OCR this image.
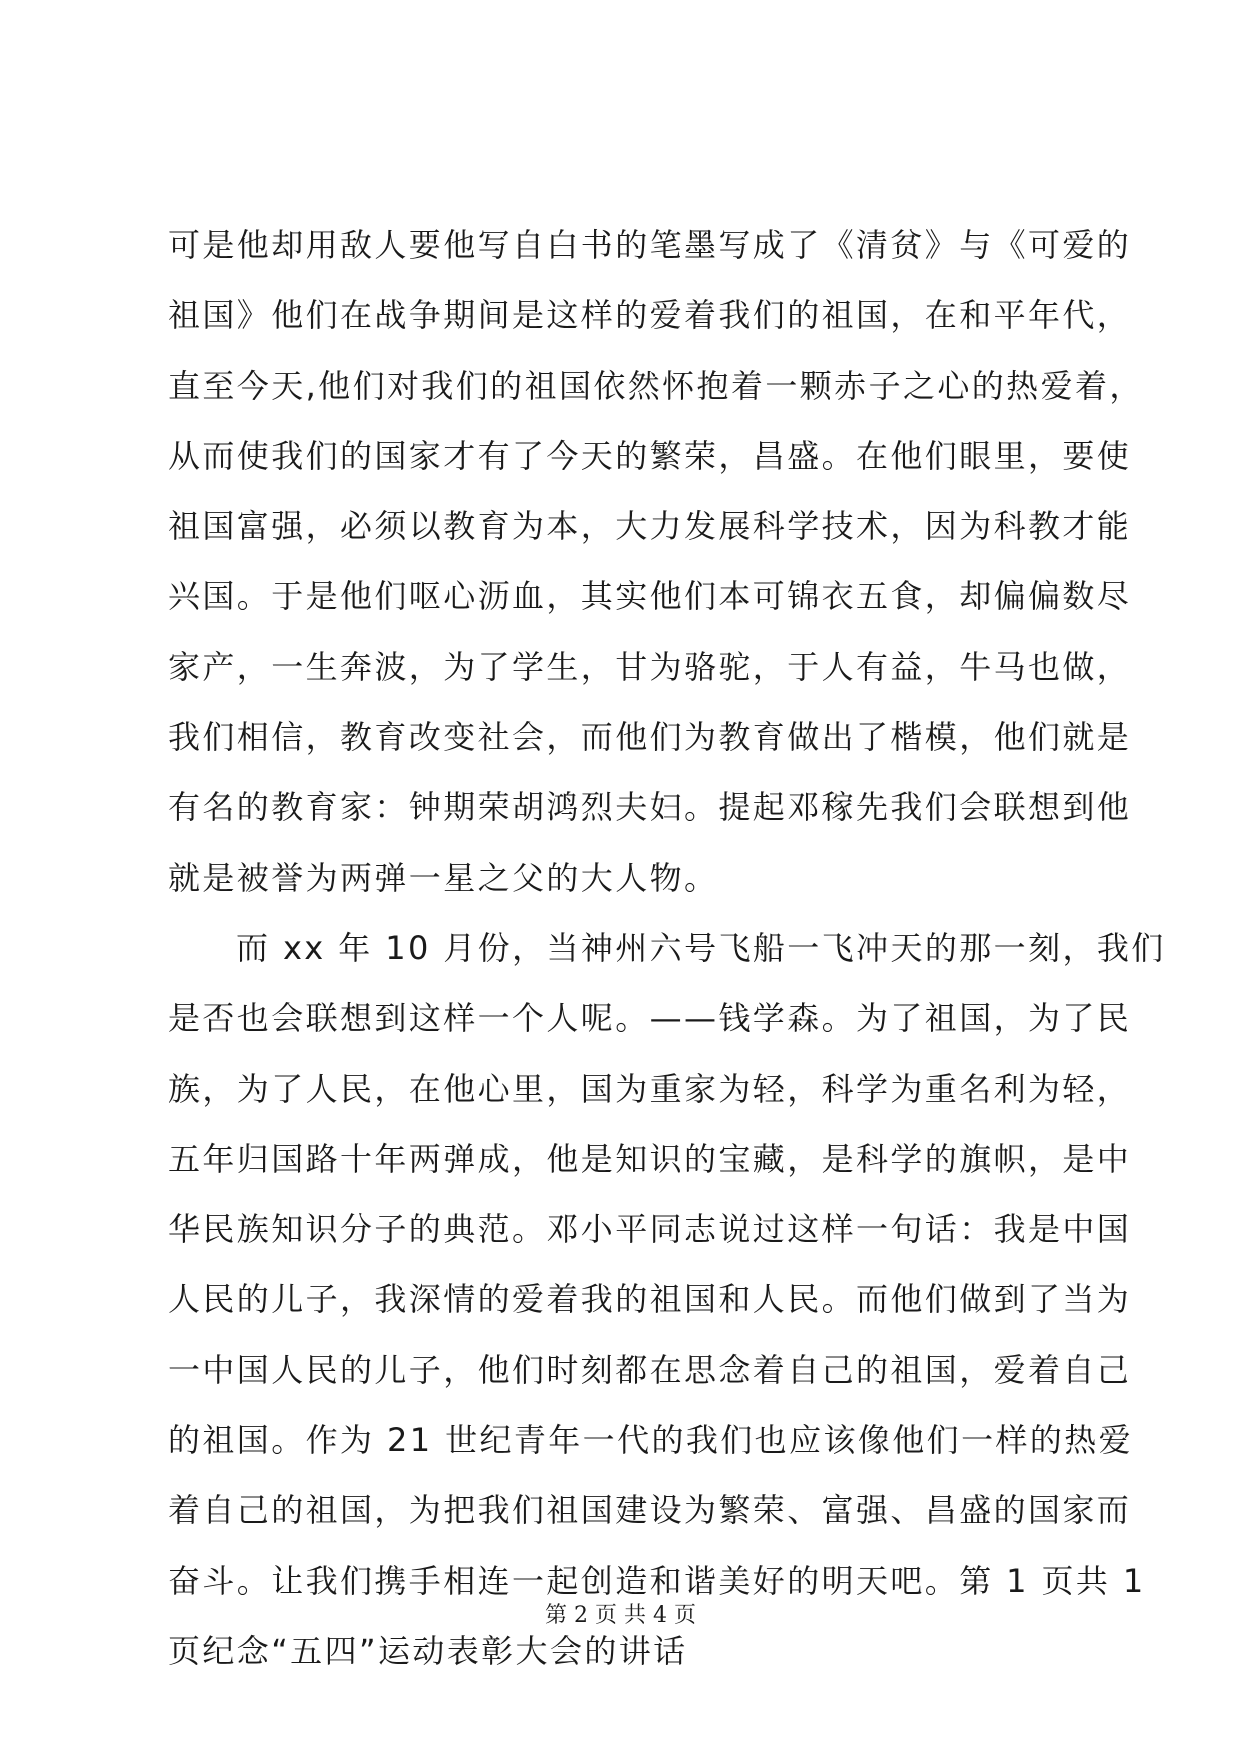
可是他却用敌人要他写自白书的笔墨写成了《清贫》与《可爱的
祖国》他们在战争期间是这样的爱着我们的祖国，在和平年代，
直至今天,他们对我们的祖国依然怀抱着一颗赤子之心的热爱着，
从而使我们的国家才有了今天的繁荣，昌盛。在他们眼里，要使
祖国富强，必须以教育为本，大力发展科学技术，因为科教才能
兴国。于是他们呕心沥血，其实他们本可锦衣五食，却偏偏数尽
家产，一生奔波，为了学生，甘为骆驼，于人有益，牛马也做，
我们相信，教育改变社会，而他们为教育做出了楷模，他们就是
有名的教育家：钟期荣胡鸿烈夫妇。提起邓稼先我们会联想到他
就是被誉为两弹一星之父的大人物。
而 xx 年 10 月份，当神州六号飞船一飞冲天的那一刻，我们
是否也会联想到这样一个人呢。——钱学森。为了祖国，为了民
族，为了人民，在他心里，国为重家为轻，科学为重名利为轻，
五年归国路十年两弹成，他是知识的宝藏，是科学的旗帜，是中
华民族知识分子的典范。邓小平同志说过这样一句话：我是中国
人民的儿子，我深情的爱着我的祖国和人民。而他们做到了当为
一中国人民的儿子，他们时刻都在思念着自己的祖国，爱着自己
的祖国。作为 21 世纪青年一代的我们也应该像他们一样的热爱
着自己的祖国，为把我们祖国建设为繁荣、富强、昌盛的国家而
奋斗。让我们携手相连一起创造和谐美好的明天吧。第 1 页共 1
页纪念“五四”运动表彰大会的讲话
第 2 页 共 4 页
